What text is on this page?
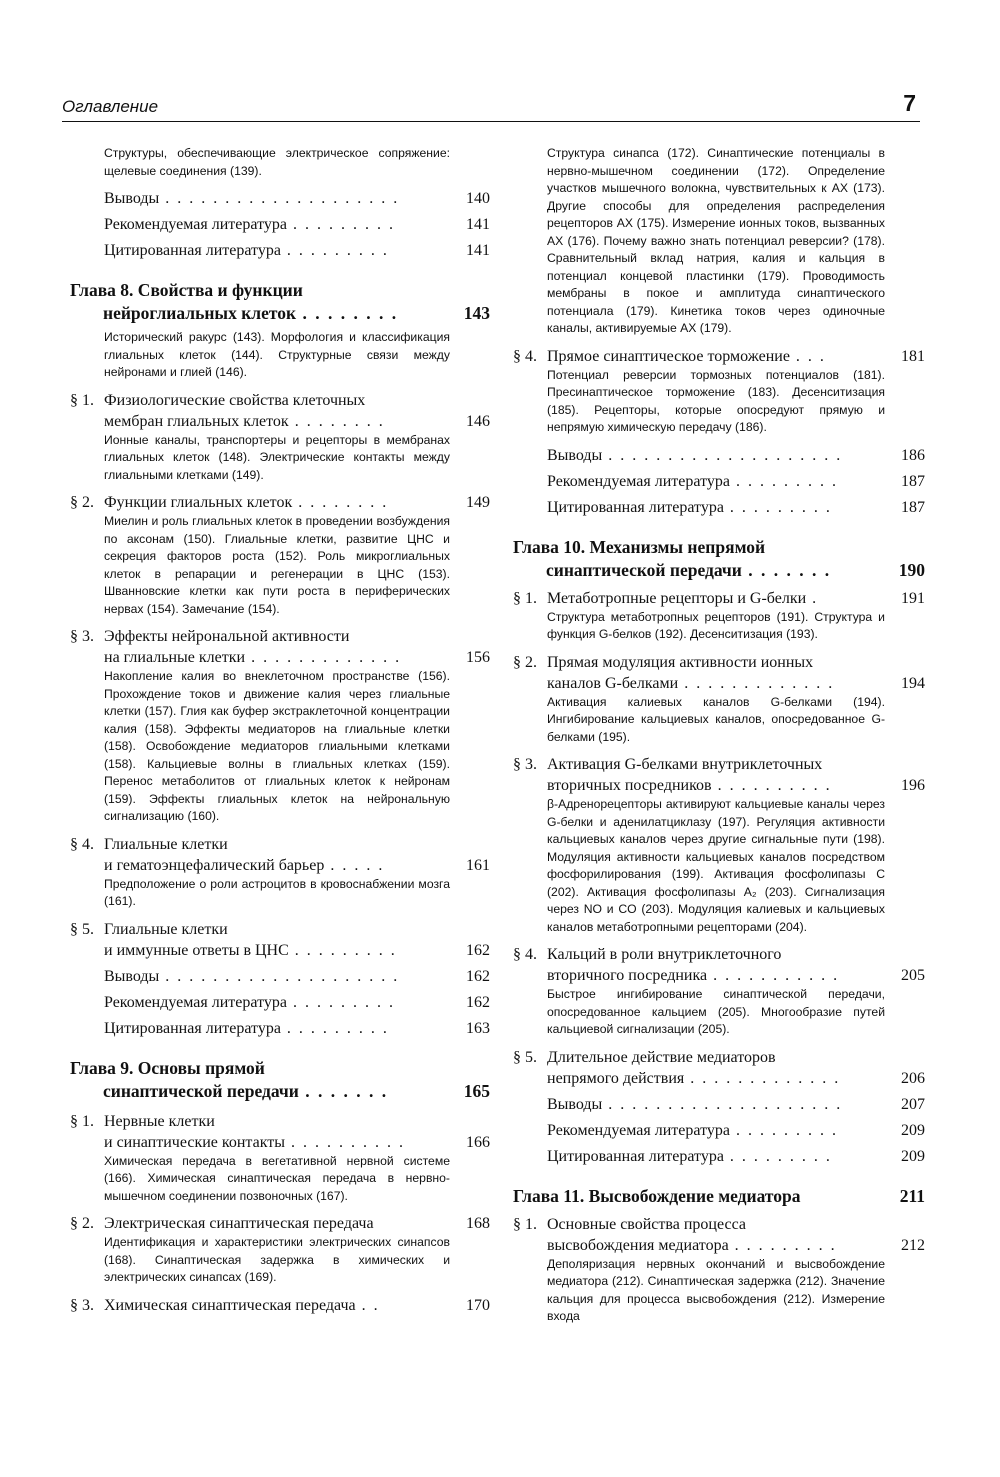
Оглавление	7
Структуры, обеспечивающие электрическое сопряжение: щелевые соединения (139).
Выводы . . . . . . . . . . . . . . . . . . . .	140
Рекомендуемая литература . . . . . . . . .	141
Цитированная литература . . . . . . . . .	141
Глава 8. Свойства и функции
нейроглиальных клеток . . . . . . . .	143
Исторический ракурс (143). Морфология и классификация глиальных клеток (144). Структурные связи между нейронами и глией (146).
§ 1. Физиологические свойства клеточных
мембран глиальных клеток . . . . . . . .	146
Ионные каналы, транспортеры и рецепторы в мембранах глиальных клеток (148). Электрические контакты между глиальными клетками (149).
§ 2. Функции глиальных клеток . . . . . . . .	149
Миелин и роль глиальных клеток в проведении возбуждения по аксонам (150). Глиальные клетки, развитие ЦНС и секреция факторов роста (152). Роль микроглиальных клеток в репарации и регенерации в ЦНС (153). Шванновские клетки как пути роста в периферических нервах (154). Замечание (154).
§ 3. Эффекты нейрональной активности
на глиальные клетки . . . . . . . . . . . . .	156
Накопление калия во внеклеточном пространстве (156). Прохождение токов и движение калия через глиальные клетки (157). Глия как буфер экстраклеточной концентрации калия (158). Эффекты медиаторов на глиальные клетки (158). Освобождение медиаторов глиальными клетками (158). Кальциевые волны в глиальных клетках (159). Перенос метаболитов от глиальных клеток к нейронам (159). Эффекты глиальных клеток на нейрональную сигнализацию (160).
§ 4. Глиальные клетки
и гематоэнцефалический барьер . . . . .	161
Предположение о роли астроцитов в кровоснабжении мозга (161).
§ 5. Глиальные клетки
и иммунные ответы в ЦНС . . . . . . . . .	162
Выводы . . . . . . . . . . . . . . . . . . . .	162
Рекомендуемая литература . . . . . . . . .	162
Цитированная литература . . . . . . . . .	163
Глава 9. Основы прямой
синаптической передачи . . . . . . .	165
§ 1. Нервные клетки
и синаптические контакты . . . . . . . . . .	166
Химическая передача в вегетативной нервной системе (166). Химическая синаптическая передача в нервно-мышечном соединении позвоночных (167).
§ 2. Электрическая синаптическая передача	168
Идентификация и характеристики электрических синапсов (168). Синаптическая задержка в химических и электрических синапсах (169).
§ 3. Химическая синаптическая передача . .	170
Структура синапса (172). Синаптические потенциалы в нервно-мышечном соединении (172). Определение участков мышечного волокна, чувствительных к АХ (173). Другие способы для определения распределения рецепторов АХ (175). Измерение ионных токов, вызванных АХ (176). Почему важно знать потенциал реверсии? (178). Сравнительный вклад натрия, калия и кальция в потенциал концевой пластинки (179). Проводимость мембраны в покое и амплитуда синаптического потенциала (179). Кинетика токов через одиночные каналы, активируемые АХ (179).
§ 4. Прямое синаптическое торможение . . .	181
Потенциал реверсии тормозных потенциалов (181). Пресинаптическое торможение (183). Десенситизация (185). Рецепторы, которые опосредуют прямую и непрямую химическую передачу (186).
Выводы . . . . . . . . . . . . . . . . . . . .	186
Рекомендуемая литература . . . . . . . . .	187
Цитированная литература . . . . . . . . .	187
Глава 10. Механизмы непрямой
синаптической передачи . . . . . . .	190
§ 1. Метаботропные рецепторы и G-белки .	191
Структура метаботропных рецепторов (191). Структура и функция G-белков (192). Десенситизация (193).
§ 2. Прямая модуляция активности ионных
каналов G-белками . . . . . . . . . . . . .	194
Активация калиевых каналов G-белками (194). Ингибирование кальциевых каналов, опосредованное G-белками (195).
§ 3. Активация G-белками внутриклеточных
вторичных посредников . . . . . . . . . .	196
β-Адренорецепторы активируют кальциевые каналы через G-белки и аденилатциклазу (197). Регуляция активности кальциевых каналов через другие сигнальные пути (198). Модуляция активности кальциевых каналов посредством фосфорилирования (199). Активация фосфолипазы C (202). Активация фосфолипазы A₂ (203). Сигнализация через NO и CO (203). Модуляция калиевых и кальциевых каналов метаботропными рецепторами (204).
§ 4. Кальций в роли внутриклеточного
вторичного посредника . . . . . . . . . . .	205
Быстрое ингибирование синаптической передачи, опосредованное кальцием (205). Многообразие путей кальциевой сигнализации (205).
§ 5. Длительное действие медиаторов
непрямого действия . . . . . . . . . . . . .	206
Выводы . . . . . . . . . . . . . . . . . . . .	207
Рекомендуемая литература . . . . . . . . .	209
Цитированная литература . . . . . . . . .	209
Глава 11. Высвобождение медиатора	211
§ 1. Основные свойства процесса
высвобождения медиатора . . . . . . . . .	212
Деполяризация нервных окончаний и высвобождение медиатора (212). Синаптическая задержка (212). Значение кальция для процесса высвобождения (212). Измерение входа
